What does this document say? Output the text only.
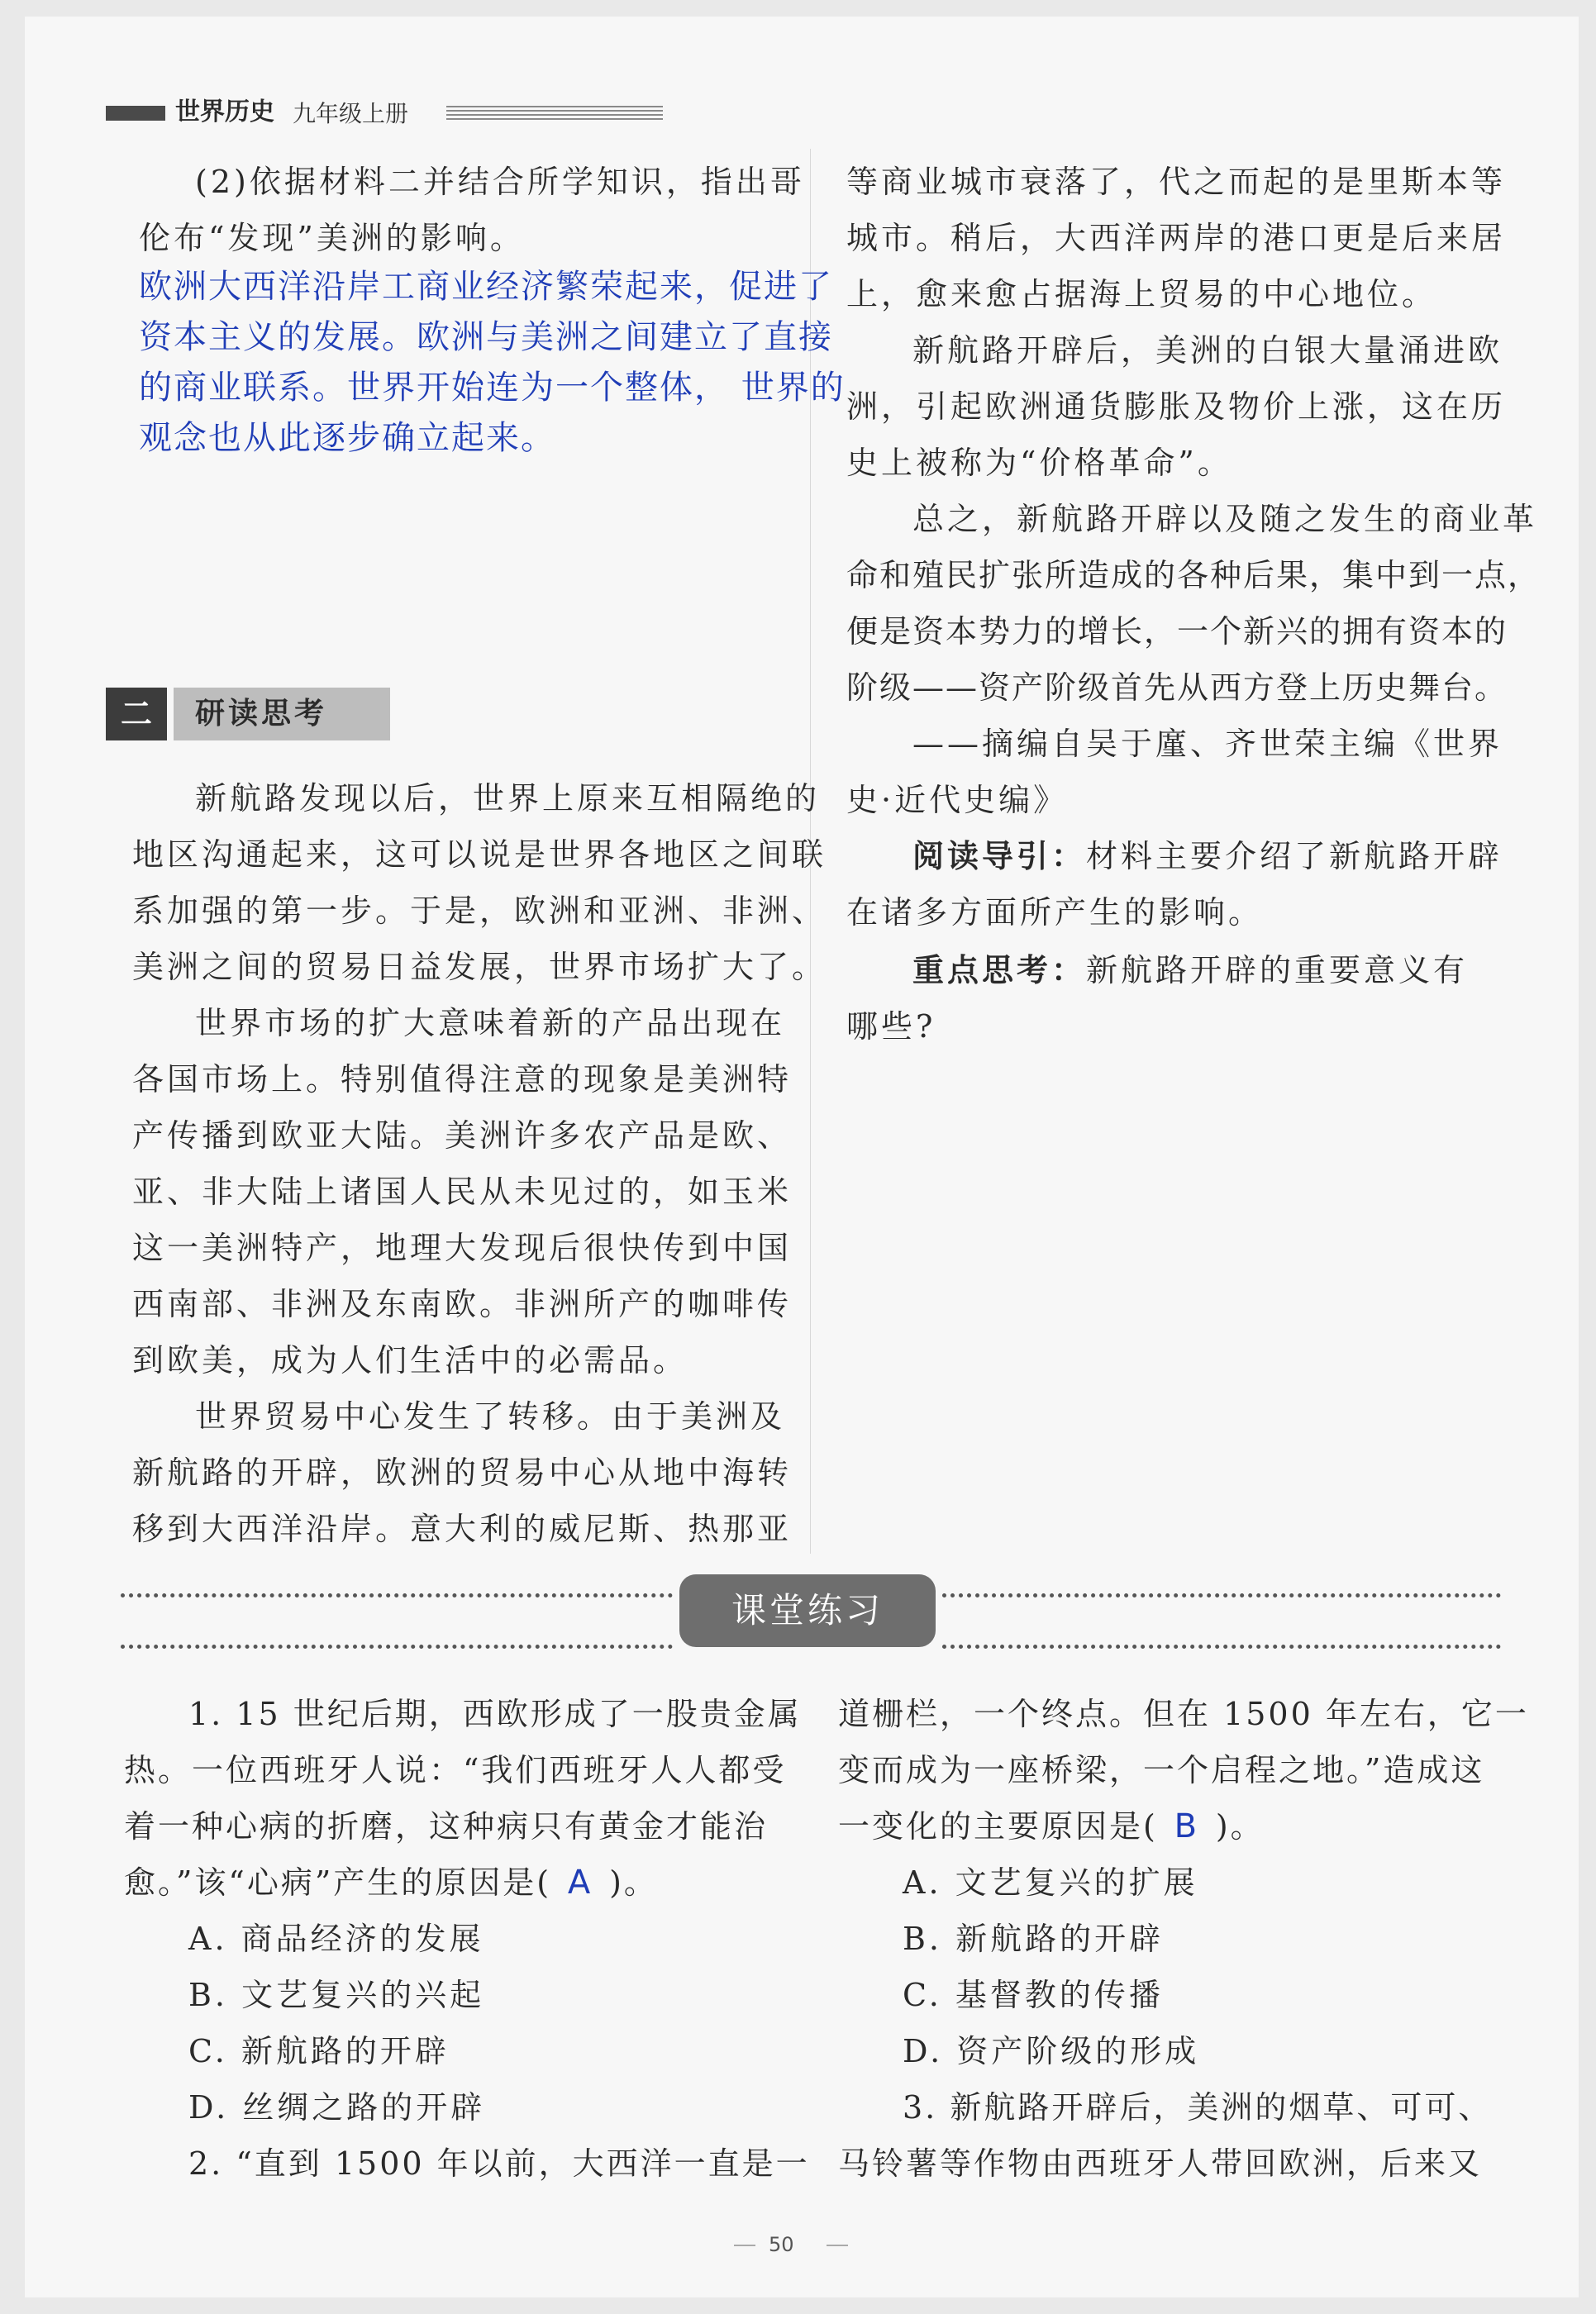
世界历史 九年级上册
(2)依据材料二并结合所学知识，指出哥
伦布“发现”美洲的影响。
欧洲大西洋沿岸工商业经济繁荣起来，促进了
资本主义的发展。欧洲与美洲之间建立了直接
的商业联系。世界开始连为一个整体， 世界的
观念也从此逐步确立起来。
二	研读思考
新航路发现以后，世界上原来互相隔绝的
地区沟通起来，这可以说是世界各地区之间联
系加强的第一步。于是，欧洲和亚洲、非洲、
美洲之间的贸易日益发展，世界市场扩大了。
世界市场的扩大意味着新的产品出现在
各国市场上。特别值得注意的现象是美洲特
产传播到欧亚大陆。美洲许多农产品是欧、
亚、非大陆上诸国人民从未见过的，如玉米
这一美洲特产，地理大发现后很快传到中国
西南部、非洲及东南欧。非洲所产的咖啡传
到欧美，成为人们生活中的必需品。
世界贸易中心发生了转移。由于美洲及
新航路的开辟，欧洲的贸易中心从地中海转
移到大西洋沿岸。意大利的威尼斯、热那亚
等商业城市衰落了，代之而起的是里斯本等
城市。稍后，大西洋两岸的港口更是后来居
上，愈来愈占据海上贸易的中心地位。
新航路开辟后，美洲的白银大量涌进欧
洲，引起欧洲通货膨胀及物价上涨，这在历
史上被称为“价格革命”。
总之，新航路开辟以及随之发生的商业革
命和殖民扩张所造成的各种后果，集中到一点，
便是资本势力的增长，一个新兴的拥有资本的
阶级——资产阶级首先从西方登上历史舞台。
——摘编自吴于廑、齐世荣主编《世界
史·近代史编》
阅读导引：材料主要介绍了新航路开辟
在诸多方面所产生的影响。
重点思考：新航路开辟的重要意义有
哪些?
课堂练习
1. 15 世纪后期，西欧形成了一股贵金属
热。一位西班牙人说：“我们西班牙人人都受
着一种心病的折磨，这种病只有黄金才能治
愈。”该“心病”产生的原因是( A )。
A. 商品经济的发展
B. 文艺复兴的兴起
C. 新航路的开辟
D. 丝绸之路的开辟
2. “直到 1500 年以前，大西洋一直是一
道栅栏，一个终点。但在 1500 年左右，它一
变而成为一座桥梁，一个启程之地。”造成这
一变化的主要原因是( B )。
A. 文艺复兴的扩展
B. 新航路的开辟
C. 基督教的传播
D. 资产阶级的形成
3. 新航路开辟后，美洲的烟草、可可、
马铃薯等作物由西班牙人带回欧洲，后来又
50
